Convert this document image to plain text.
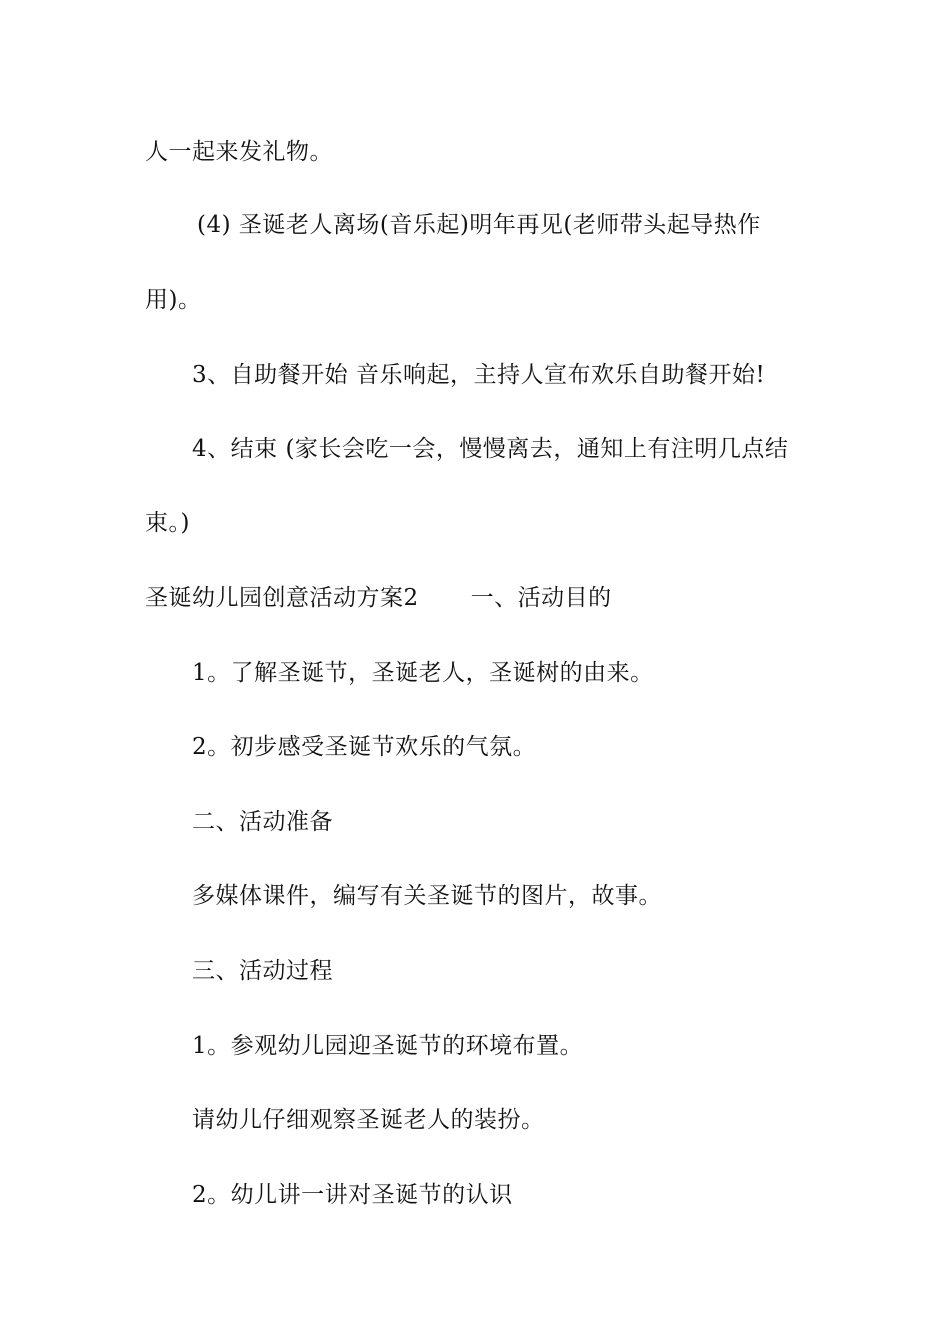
人一起来发礼物。
(4) 圣诞老人离场(音乐起)明年再见(老师带头起导热作
用)。
3、自助餐开始 音乐响起，主持人宣布欢乐自助餐开始!
4、结束 (家长会吃一会，慢慢离去，通知上有注明几点结
束。)
圣诞幼儿园创意活动方案2 一、活动目的
1。了解圣诞节，圣诞老人，圣诞树的由来。
2。初步感受圣诞节欢乐的气氛。
二、活动准备
多媒体课件，编写有关圣诞节的图片，故事。
三、活动过程
1。参观幼儿园迎圣诞节的环境布置。
请幼儿仔细观察圣诞老人的装扮。
2。幼儿讲一讲对圣诞节的认识
